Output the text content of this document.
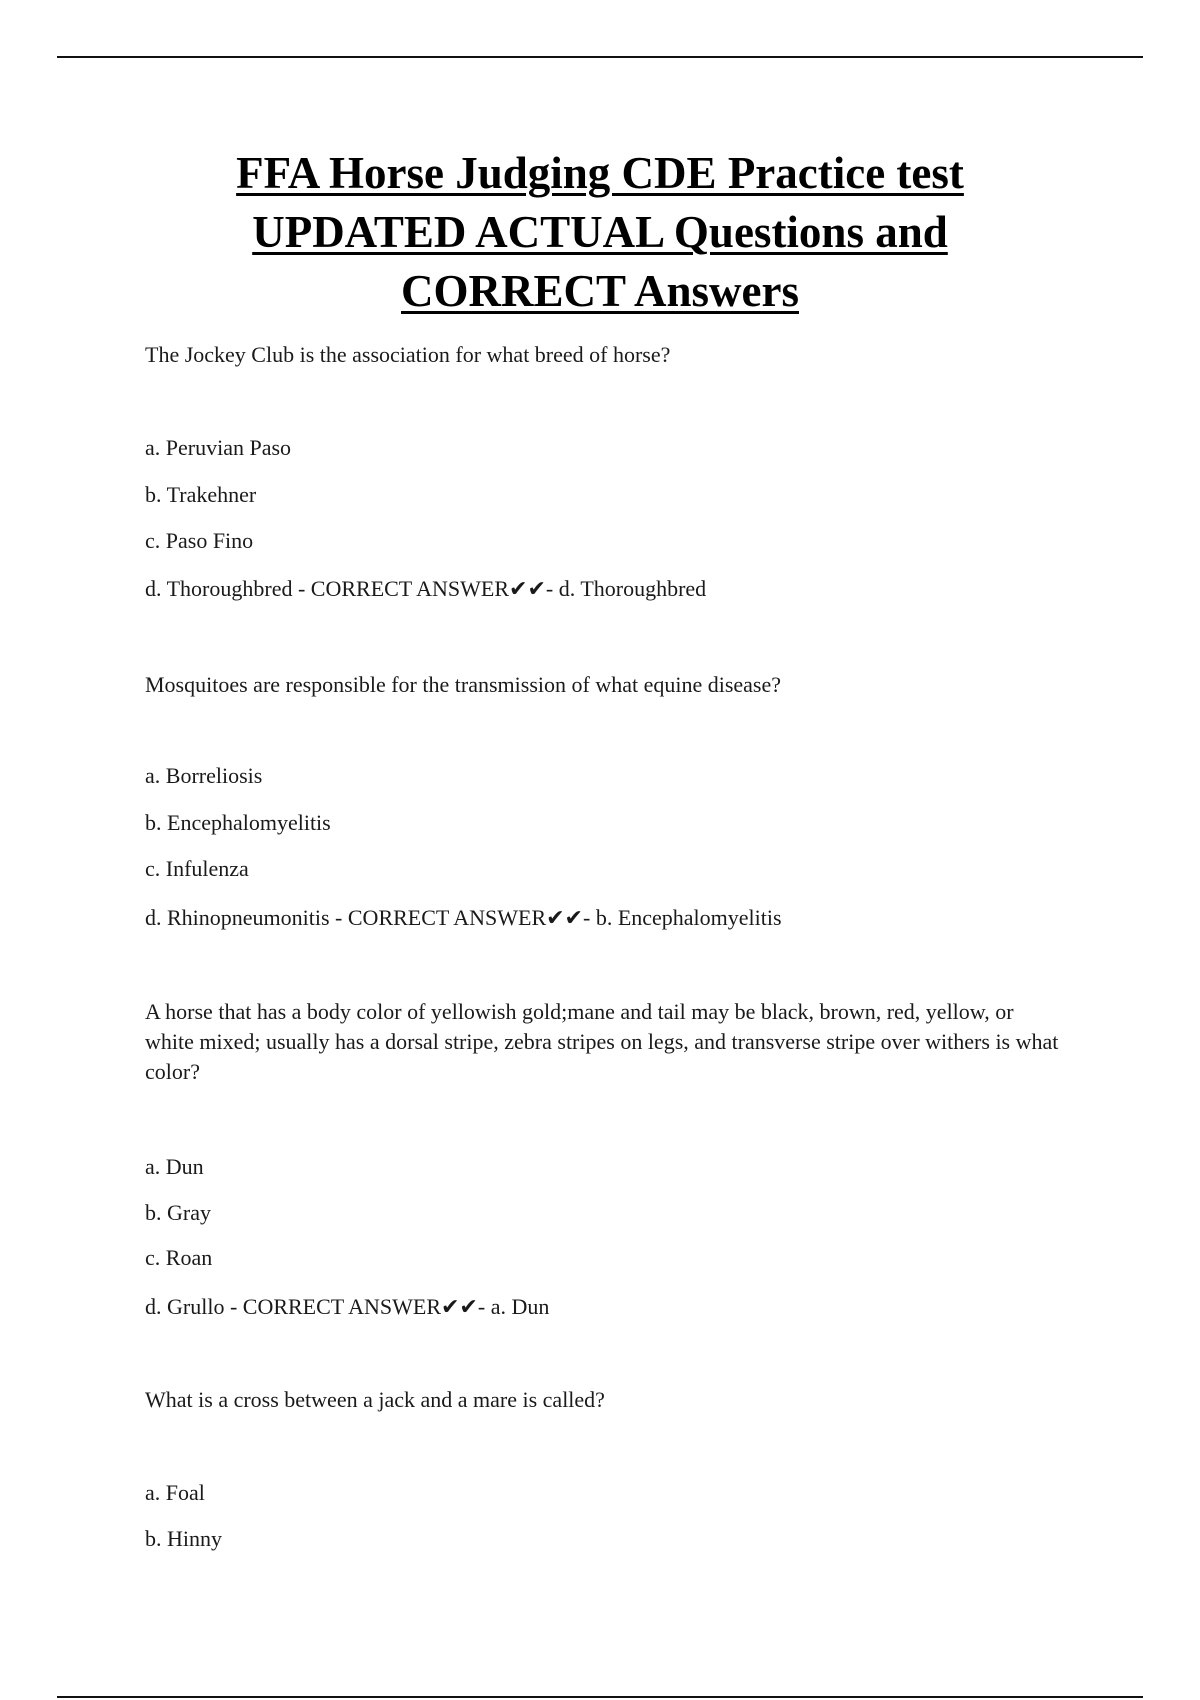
FFA Horse Judging CDE Practice test
UPDATED ACTUAL Questions and
CORRECT Answers

The Jockey Club is the association for what breed of horse?

a. Peruvian Paso

b. Trakehner

c. Paso Fino

d. Thoroughbred - CORRECT ANSWER✔✔- d. Thoroughbred

Mosquitoes are responsible for the transmission of what equine disease?

a. Borreliosis

b. Encephalomyelitis

c. Infulenza

d. Rhinopneumonitis - CORRECT ANSWER✔✔- b. Encephalomyelitis

A horse that has a body color of yellowish gold;mane and tail may be black, brown, red, yellow, or white mixed; usually has a dorsal stripe, zebra stripes on legs, and transverse stripe over withers is what color?

a. Dun

b. Gray

c. Roan

d. Grullo - CORRECT ANSWER✔✔- a. Dun

What is a cross between a jack and a mare is called?

a. Foal

b. Hinny
